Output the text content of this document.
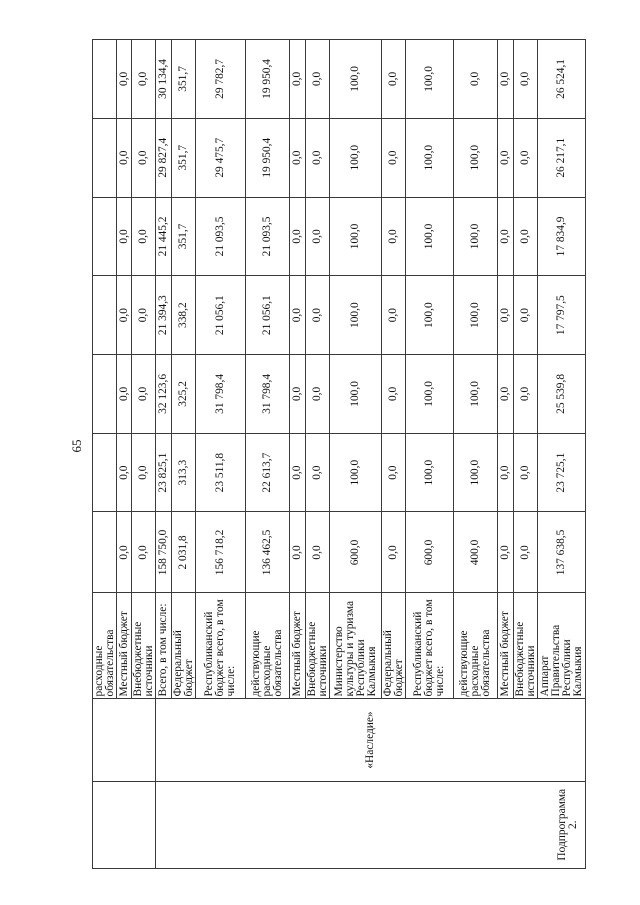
65
		расходные обязательства							
		Местный бюджет	0,0	0,0	0,0	0,0	0,0	0,0	0,0
		Внебюджетные источники	0,0	0,0	0,0	0,0	0,0	0,0	0,0
Подпрограмма 2.	«Наследие»	Всего, в том числе:	158 750,0	23 825,1	32 123,6	21 394,3	21 445,2	29 827,4	30 134,4
		Федеральный бюджет	2 031,8	313,3	325,2	338,2	351,7	351,7	351,7
		Республиканский бюджет всего, в том числе:	156 718,2	23 511,8	31 798,4	21 056,1	21 093,5	29 475,7	29 782,7
		действующие расходные обязательства	136 462,5	22 613,7	31 798,4	21 056,1	21 093,5	19 950,4	19 950,4
		Местный бюджет	0,0	0,0	0,0	0,0	0,0	0,0	0,0
		Внебюджетные источники	0,0	0,0	0,0	0,0	0,0	0,0	0,0
		Министерство культуры и туризма Республики Калмыкия	600,0	100,0	100,0	100,0	100,0	100,0	100,0
		Федеральный бюджет	0,0	0,0	0,0	0,0	0,0	0,0	0,0
		Республиканский бюджет всего, в том числе:	600,0	100,0	100,0	100,0	100,0	100,0	100,0
		действующие расходные обязательства	400,0	100,0	100,0	100,0	100,0	100,0	0,0
		Местный бюджет	0,0	0,0	0,0	0,0	0,0	0,0	0,0
		Внебюджетные источники	0,0	0,0	0,0	0,0	0,0	0,0	0,0
		Аппарат Правительства Республики Калмыкия	137 638,5	23 725,1	25 539,8	17 797,5	17 834,9	26 217,1	26 524,1
